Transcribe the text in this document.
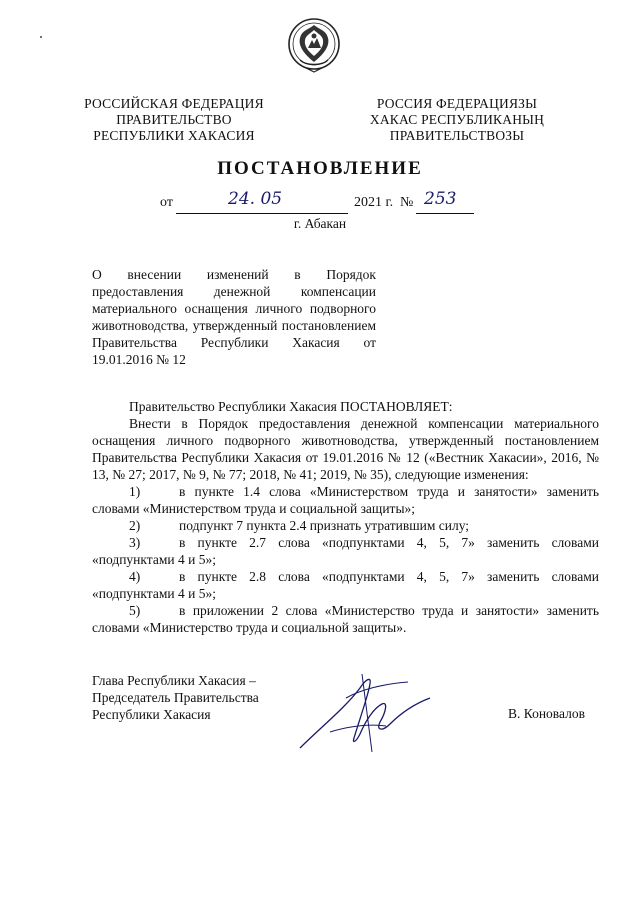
РОССИЙСКАЯ ФЕДЕРАЦИЯ
ПРАВИТЕЛЬСТВО
РЕСПУБЛИКИ ХАКАСИЯ
РОССИЯ ФЕДЕРАЦИЯЗЫ
ХАКАС РЕСПУБЛИКАНЫҢ
ПРАВИТЕЛЬСТВОЗЫ
ПОСТАНОВЛЕНИЕ
от	24. 05	2021 г. № 253
г. Абакан
О внесении изменений в Порядок предоставления денежной компенсации материального оснащения личного подворного животноводства, утвержденный постановлением Правительства Республики Хакасия от 19.01.2016 № 12

Правительство Республики Хакасия ПОСТАНОВЛЯЕТ:

Внести в Порядок предоставления денежной компенсации материального оснащения личного подворного животноводства, утвержденный постановлением Правительства Республики Хакасия от 19.01.2016 № 12 («Вестник Хакасии», 2016, № 13, № 27; 2017, № 9, № 77; 2018, № 41; 2019, № 35), следующие изменения:

1)	в пункте 1.4 слова «Министерством труда и занятости» заменить словами «Министерством труда и социальной защиты»;

2)	подпункт 7 пункта 2.4 признать утратившим силу;

3)	в пункте 2.7 слова «подпунктами 4, 5, 7» заменить словами «подпунктами 4 и 5»;

4)	в пункте 2.8 слова «подпунктами 4, 5, 7» заменить словами «подпунктами 4 и 5»;

5)	в приложении 2 слова «Министерство труда и занятости» заменить словами «Министерство труда и социальной защиты».

Глава Республики Хакасия –
Председатель Правительства
Республики Хакасия	В. Коновалов
